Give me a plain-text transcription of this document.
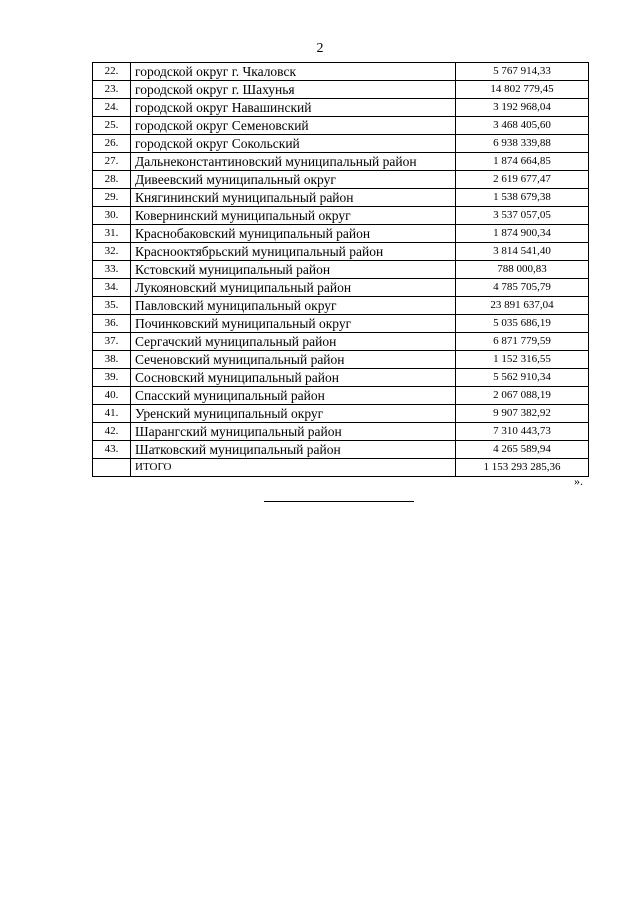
2
22.	городской округ г. Чкаловск	5 767 914,33
23.	городской округ г. Шахунья	14 802 779,45
24.	городской округ Навашинский	3 192 968,04
25.	городской округ Семеновский	3 468 405,60
26.	городской округ Сокольский	6 938 339,88
27.	Дальнеконстантиновский муниципальный район	1 874 664,85
28.	Дивеевский муниципальный округ	2 619 677,47
29.	Княгининский муниципальный район	1 538 679,38
30.	Ковернинский муниципальный округ	3 537 057,05
31.	Краснобаковский муниципальный район	1 874 900,34
32.	Краснооктябрьский муниципальный район	3 814 541,40
33.	Кстовский муниципальный район	788 000,83
34.	Лукояновский муниципальный район	4 785 705,79
35.	Павловский муниципальный округ	23 891 637,04
36.	Починковский муниципальный округ	5 035 686,19
37.	Сергачский муниципальный район	6 871 779,59
38.	Сеченовский муниципальный район	1 152 316,55
39.	Сосновский муниципальный район	5 562 910,34
40.	Спасский муниципальный район	2 067 088,19
41.	Уренский муниципальный округ	9 907 382,92
42.	Шарангский муниципальный район	7 310 443,73
43.	Шатковский муниципальный район	4 265 589,94
	ИТОГО	1 153 293 285,36
».
